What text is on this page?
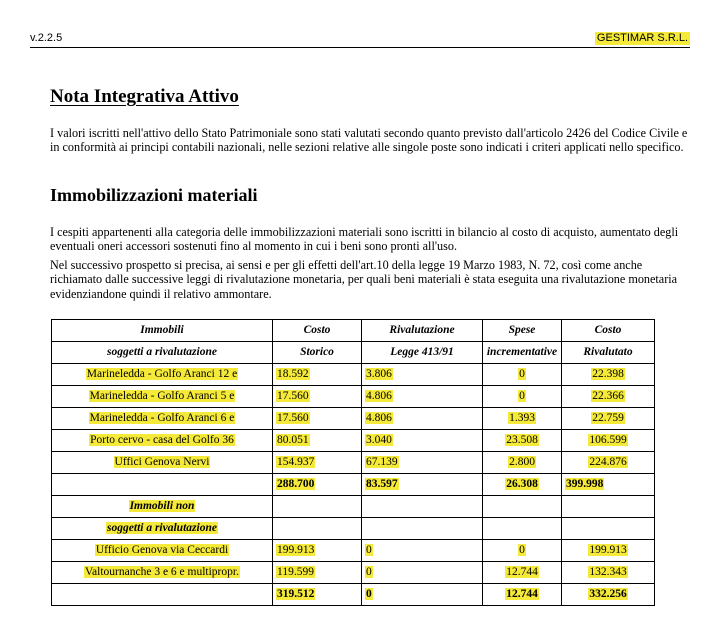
v.2.2.5	GESTIMAR S.R.L.
Nota Integrativa Attivo

I valori iscritti nell'attivo dello Stato Patrimoniale sono stati valutati secondo quanto previsto dall'articolo 2426 del Codice Civile e in conformità ai principi contabili nazionali, nelle sezioni relative alle singole poste sono indicati i criteri applicati nello specifico.

Immobilizzazioni materiali

I cespiti appartenenti alla categoria delle immobilizzazioni materiali sono iscritti in bilancio al costo di acquisto, aumentato degli eventuali oneri accessori sostenuti fino al momento in cui i beni sono pronti all'uso.

Nel successivo prospetto si precisa, ai sensi e per gli effetti dell'art.10 della legge 19 Marzo 1983, N. 72, così come anche richiamato dalle successive leggi di rivalutazione monetaria, per quali beni materiali è stata eseguita una rivalutazione monetaria evidenziandone quindi il relativo ammontare.

Immobili	Costo	Rivalutazione	Spese	Costo
soggetti a rivalutazione	Storico	Legge 413/91	incrementative	Rivalutato
Marineledda - Golfo Aranci 12 e	18.592	3.806	0	22.398
Marineledda - Golfo Aranci 5 e	17.560	4.806	0	22.366
Marineledda - Golfo Aranci 6 e	17.560	4.806	1.393	22.759
Porto cervo - casa del Golfo 36	80.051	3.040	23.508	106.599
Uffici Genova Nervi	154.937	67.139	2.800	224.876
	288.700	83.597	26.308	399.998
Immobili non				
soggetti a rivalutazione				
Ufficio Genova via Ceccardi	199.913	0	0	199.913
Valtournanche 3 e 6 e multipropr.	119.599	0	12.744	132.343
	319.512	0	12.744	332.256
